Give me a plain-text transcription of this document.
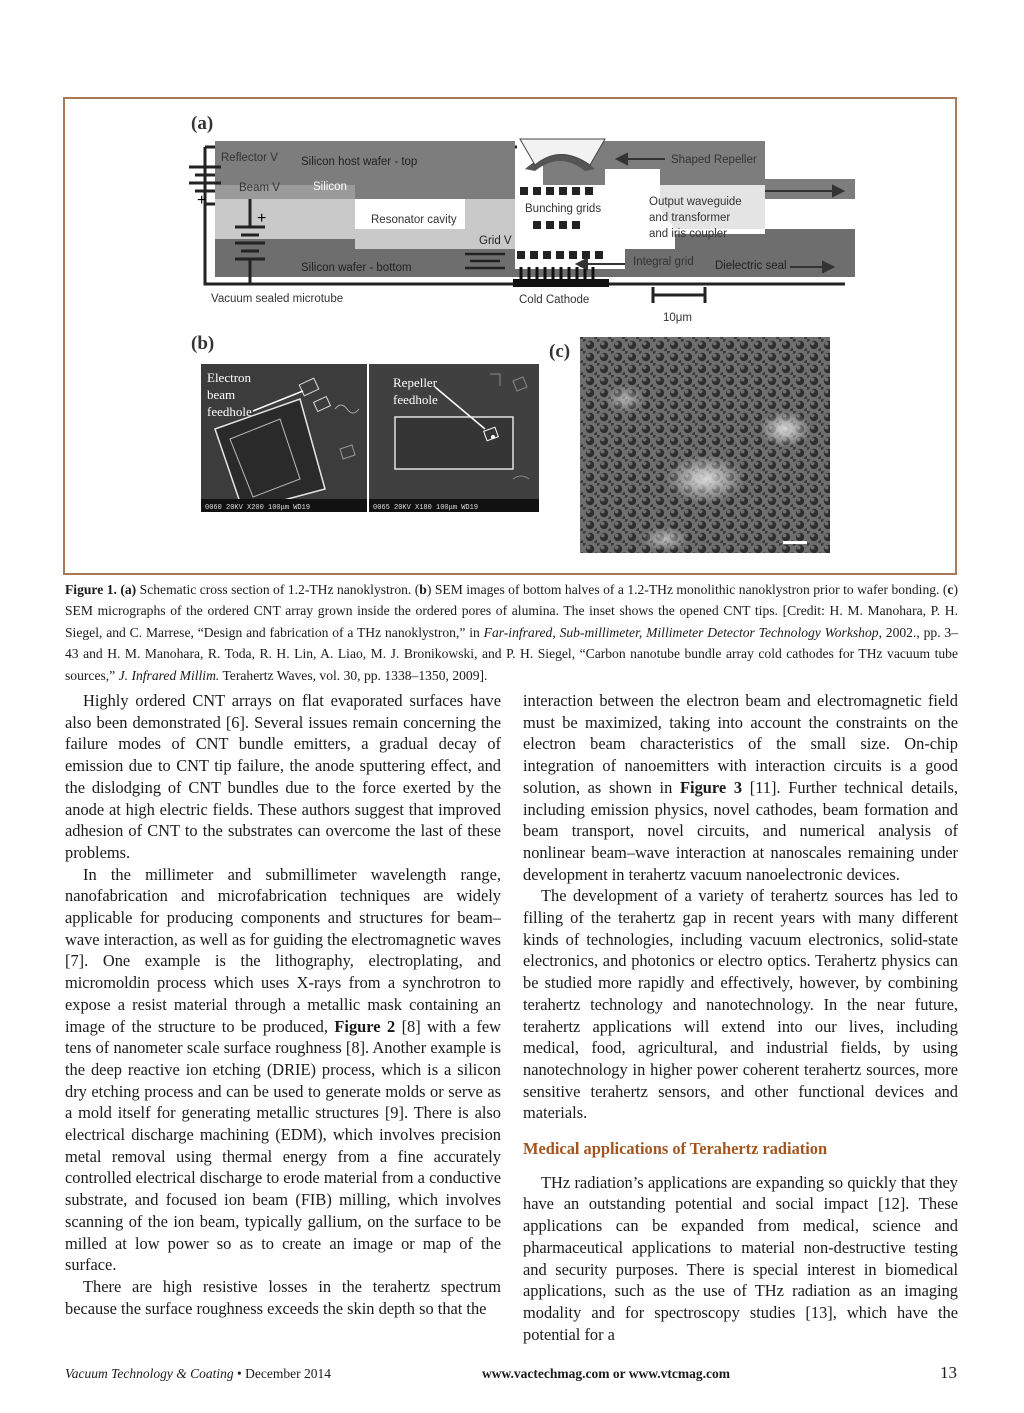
(a)
+
+
Reflector V
Beam V
Silicon host wafer - top
Silicon
Shaped Repeller
Bunching grids
Resonator cavity
Output waveguide
and transformer
and iris coupler
Grid V
Integral grid Dielectric seal
Silicon wafer - bottom
Vacuum sealed microtube	Cold Cathode
10μm
(b)
0060 20KV X200 100μm WD19
Electron
beam
feedhole
0065 20KV X180 100μm WD19
Repeller
feedhole
(c)
Figure 1. (a) Schematic cross section of 1.2-THz nanoklystron. (b) SEM images of bottom halves of a 1.2-THz monolithic nanoklystron prior to wafer bonding. (c) SEM micrographs of the ordered CNT array grown inside the ordered pores of alumina. The inset shows the opened CNT tips. [Credit: H. M. Manohara, P. H. Siegel, and C. Marrese, “Design and fabrication of a THz nanoklystron,” in Far-infrared, Sub-millimeter, Millimeter Detector Technology Workshop, 2002., pp. 3–43 and H. M. Manohara, R. Toda, R. H. Lin, A. Liao, M. J. Bronikowski, and P. H. Siegel, “Carbon nanotube bundle array cold cathodes for THz vacuum tube sources,” J. Infrared Millim. Terahertz Waves, vol. 30, pp. 1338–1350, 2009].

Highly ordered CNT arrays on flat evaporated surfaces have also been demonstrated [6]. Several issues remain concerning the failure modes of CNT bundle emitters, a gradual decay of emission due to CNT tip failure, the anode sputtering effect, and the dislodging of CNT bundles due to the force exerted by the anode at high electric fields. These authors suggest that improved adhesion of CNT to the substrates can overcome the last of these problems.

In the millimeter and submillimeter wavelength range, nanofabrication and microfabrication techniques are widely applicable for producing components and structures for beam–wave interaction, as well as for guiding the electromagnetic waves [7]. One example is the lithography, electroplating, and micromoldin process which uses X-rays from a synchrotron to expose a resist material through a metallic mask containing an image of the structure to be produced, Figure 2 [8] with a few tens of nanometer scale surface roughness [8]. Another example is the deep reactive ion etching (DRIE) process, which is a silicon dry etching process and can be used to generate molds or serve as a mold itself for generating metallic structures [9]. There is also electrical discharge machining (EDM), which involves precision metal removal using thermal energy from a fine accurately controlled electrical discharge to erode material from a conductive substrate, and focused ion beam (FIB) milling, which involves scanning of the ion beam, typically gallium, on the surface to be milled at low power so as to create an image or map of the surface.

There are high resistive losses in the terahertz spectrum because the surface roughness exceeds the skin depth so that the

interaction between the electron beam and electromagnetic field must be maximized, taking into account the constraints on the electron beam characteristics of the small size. On-chip integration of nanoemitters with interaction circuits is a good solution, as shown in Figure 3 [11]. Further technical details, including emission physics, novel cathodes, beam formation and beam transport, novel circuits, and numerical analysis of nonlinear beam–wave interaction at nanoscales remaining under development in terahertz vacuum nanoelectronic devices.

The development of a variety of terahertz sources has led to filling of the terahertz gap in recent years with many different kinds of technologies, including vacuum electronics, solid-state electronics, and photonics or electro optics. Terahertz physics can be studied more rapidly and effectively, however, by combining terahertz technology and nanotechnology. In the near future, terahertz applications will extend into our lives, including medical, food, agricultural, and industrial fields, by using nanotechnology in higher power coherent terahertz sources, more sensitive terahertz sensors, and other functional devices and materials.

Medical applications of Terahertz radiation

THz radiation’s applications are expanding so quickly that they have an outstanding potential and social impact [12]. These applications can be expanded from medical, science and pharmaceutical applications to material non-destructive testing and security purposes. There is special interest in biomedical applications, such as the use of THz radiation as an imaging modality and for spectroscopy studies [13], which have the potential for a

Vacuum Technology & Coating • December 2014	www.vactechmag.com or www.vtcmag.com	13
